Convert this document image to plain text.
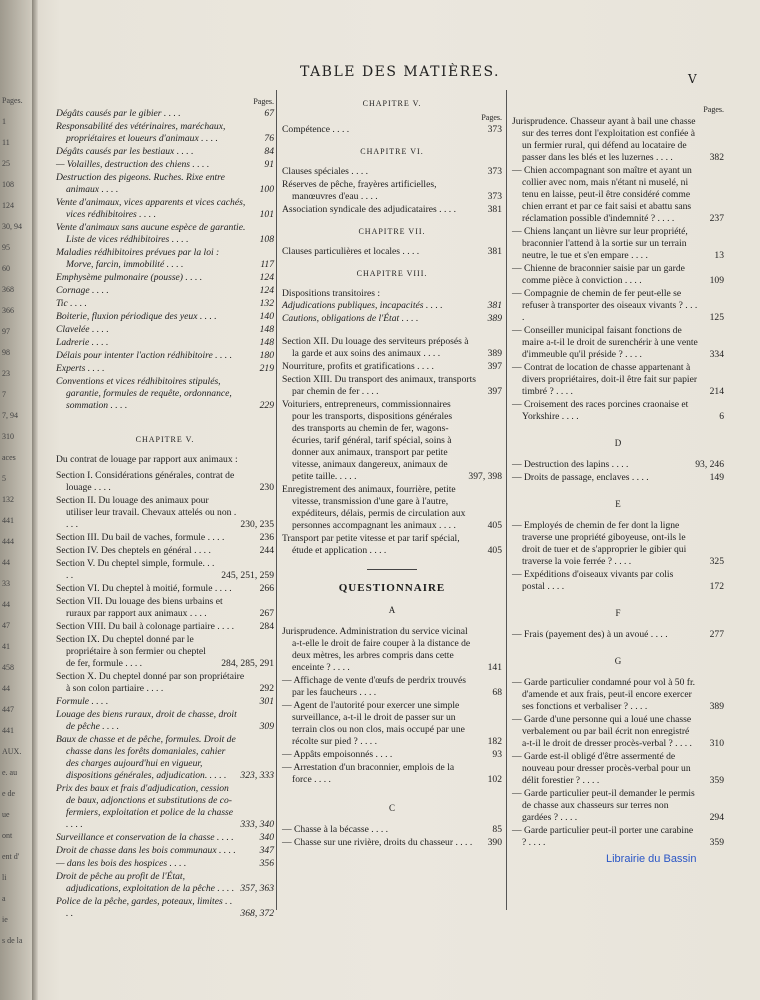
Pages.
1
11
25
108
124
30, 94
95
60
368
366
97
98
23
7
7, 94
310
aces
5
132
441
444
44
33
44
47
41
458
44
447
441
AUX.
e. au
e de
ue
ont
ent d'
li
a
ie
s de la
TABLE DES MATIÈRES.	V
Pages.
Dégâts causés par le gibier . . . .	67
Responsabilité des vétérinaires, maréchaux, propriétaires et loueurs d'animaux . . . .	76
Dégâts causés par les bestiaux . . . .	84
— Volailles, destruction des chiens . . . .	91
Destruction des pigeons. Ruches. Rixe entre animaux . . . .	100
Vente d'animaux, vices apparents et vices cachés, vices rédhibitoires . . . .	101
Vente d'animaux sans aucune espèce de garantie. Liste de vices rédhibitoires . . . .	108
Maladies rédhibitoires prévues par la loi : Morve, farcin, immobilité . . . .	117
Emphysème pulmonaire (pousse) . . . .	124
Cornage . . . .	124
Tic . . . .	132
Boiterie, fluxion périodique des yeux . . . .	140
Clavelée . . . .	148
Ladrerie . . . .	148
Délais pour intenter l'action rédhibitoire . . . .	180
Experts . . . .	219
Conventions et vices rédhibitoires stipulés, garantie, formules de requête, ordonnance, sommation . . . .	229
CHAPITRE V.
Du contrat de louage par rapport aux animaux :
Section I. Considérations générales, contrat de louage . . . .	230
Section II. Du louage des animaux pour utiliser leur travail. Chevaux attelés ou non . . . .	230, 235
Section III. Du bail de vaches, formule . . . .	236
Section IV. Des cheptels en général . . . .	244
Section V. Du cheptel simple, formule. . . . .	245, 251, 259
Section VI. Du cheptel à moitié, formule . . . .	266
Section VII. Du louage des biens urbains et ruraux par rapport aux animaux . . . .	267
Section VIII. Du bail à colonage partiaire . . . .	284
Section IX. Du cheptel donné par le propriétaire à son fermier ou cheptel de fer, formule . . . .	284, 285, 291
Section X. Du cheptel donné par son propriétaire à son colon partiaire . . . .	292
Formule . . . .	301
Louage des biens ruraux, droit de chasse, droit de pêche . . . .	309
Baux de chasse et de pêche, formules. Droit de chasse dans les forêts domaniales, cahier des charges aujourd'hui en vigueur, dispositions générales, adjudication. . . . .	323, 333
Prix des baux et frais d'adjudication, cession de baux, adjonctions et substitutions de co-fermiers, exploitation et police de la chasse . . . .	333, 340
Surveillance et conservation de la chasse . . . .	340
Droit de chasse dans les bois communaux . . . .	347
— dans les bois des hospices . . . .	356
Droit de pêche au profit de l'État, adjudications, exploitation de la pêche . . . . 357, 363
Police de la pêche, gardes, poteaux, limites . . . .	368, 372
CHAPITRE V.
Pages.
Compétence . . . .	373
CHAPITRE VI.
Clauses spéciales . . . .	373
Réserves de pêche, frayères artificielles, manœuvres d'eau . . . .	373
Association syndicale des adjudicataires . . . .	381
CHAPITRE VII.
Clauses particulières et locales . . . .	381
CHAPITRE VIII.
Dispositions transitoires :
Adjudications publiques, incapacités . . . .	381
Cautions, obligations de l'État . . . .	389
Section XII. Du louage des serviteurs préposés à la garde et aux soins des animaux . . . .	389
Nourriture, profits et gratifications . . . .	397
Section XIII. Du transport des animaux, transports par chemin de fer . . . .	397
Voituriers, entrepreneurs, commissionnaires pour les transports, dispositions générales des transports au chemin de fer, wagons-écuries, tarif général, tarif spécial, soins à donner aux animaux, transport par petite vitesse, animaux dangereux, animaux de petite taille. . . . .	397, 398
Enregistrement des animaux, fourrière, petite vitesse, transmission d'une gare à l'autre, expéditeurs, délais, permis de circulation aux personnes accompagnant les animaux . . . .	405
Transport par petite vitesse et par tarif spécial, étude et application . . . .	405
QUESTIONNAIRE
A
Jurisprudence. Administration du service vicinal a-t-elle le droit de faire couper à la distance de deux mètres, les arbres compris dans cette enceinte ? . . . .	141
— Affichage de vente d'œufs de perdrix trouvés par les faucheurs . . . .	68
— Agent de l'autorité pour exercer une simple surveillance, a-t-il le droit de passer sur un terrain clos ou non clos, mais occupé par une récolte sur pied ? . . . .	182
— Appâts empoisonnés . . . .	93
— Arrestation d'un braconnier, emplois de la force . . . .	102
C
— Chasse à la bécasse . . . .	85
— Chasse sur une rivière, droits du chasseur . . . .	390
Pages.
Jurisprudence. Chasseur ayant à bail une chasse sur des terres dont l'exploitation est confiée à un fermier rural, qui défend au locataire de passer dans les blés et les luzernes . . . .	382
— Chien accompagnant son maître et ayant un collier avec nom, mais n'étant ni muselé, ni tenu en laisse, peut-il être considéré comme chien errant et par ce fait saisi et abattu sans réclamation possible d'indemnité ? . . . .	237
— Chiens lançant un lièvre sur leur propriété, braconnier l'attend à la sortie sur un terrain neutre, le tue et s'en empare . . . .	13
— Chienne de braconnier saisie par un garde comme pièce à conviction . . . .	109
— Compagnie de chemin de fer peut-elle se refuser à transporter des oiseaux vivants ? . . . .	125
— Conseiller municipal faisant fonctions de maire a-t-il le droit de surenchérir à une vente d'immeuble qu'il préside ? . . . .	334
— Contrat de location de chasse appartenant à divers propriétaires, doit-il être fait sur papier timbré ? . . . .	214
— Croisement des races porcines craonaise et Yorkshire . . . .	6
D
— Destruction des lapins . . . .	93, 246
— Droits de passage, enclaves . . . .	149
E
— Employés de chemin de fer dont la ligne traverse une propriété giboyeuse, ont-ils le droit de tuer et de s'approprier le gibier qui traverse la voie ferrée ? . . . .	325
— Expéditions d'oiseaux vivants par colis postal . . . .	172
F
— Frais (payement des) à un avoué . . . .	277
G
— Garde particulier condamné pour vol à 50 fr. d'amende et aux frais, peut-il encore exercer ses fonctions et verbaliser ? . . . .	389
— Garde d'une personne qui a loué une chasse verbalement ou par bail écrit non enregistré a-t-il le droit de dresser procès-verbal ? . . . .	310
— Garde est-il obligé d'être assermenté de nouveau pour dresser procès-verbal pour un délit forestier ? . . . .	359
— Garde particulier peut-il demander le permis de chasse aux chasseurs sur terres non gardées ? . . . .	294
— Garde particulier peut-il porter une carabine ? . . . .	359
Librairie du Bassin
